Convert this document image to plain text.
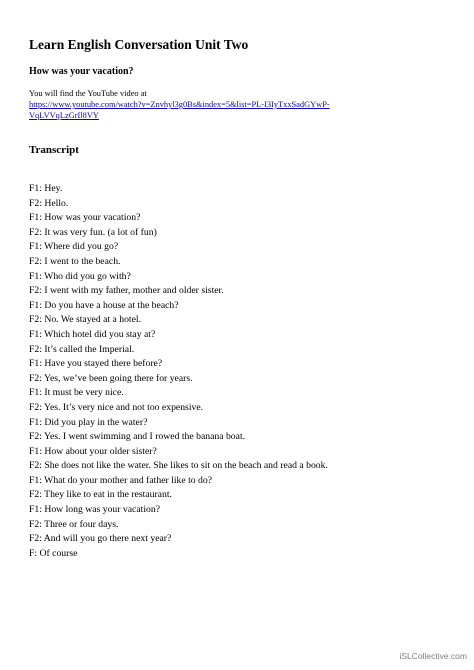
Learn English Conversation Unit Two
How was your vacation?
You will find the YouTube video at
https://www.youtube.com/watch?v=Znvhyl3g0Bs&index=5&list=PL-I3IyTxxSadGYwP-
VqLVVqLzGrIl8VY
Transcript
F1: Hey.
F2: Hello.
F1: How was your vacation?
F2: It was very fun. (a lot of fun)
F1: Where did you go?
F2: I went to the beach.
F1: Who did you go with?
F2: I went with my father, mother and older sister.
F1: Do you have a house at the beach?
F2: No. We stayed at a hotel.
F1: Which hotel did you stay at?
F2: It’s called the Imperial.
F1: Have you stayed there before?
F2: Yes, we’ve been going there for years.
F1: It must be very nice.
F2: Yes. It’s very nice and not too expensive.
F1: Did you play in the water?
F2: Yes. I went swimming and I rowed the banana boat.
F1: How about your older sister?
F2: She does not like the water. She likes to sit on the beach and read a book.
F1: What do your mother and father like to do?
F2: They like to eat in the restaurant.
F1: How long was your vacation?
F2: Three or four days.
F2: And will you go there next year?
F: Of course
iSLCollective.com
